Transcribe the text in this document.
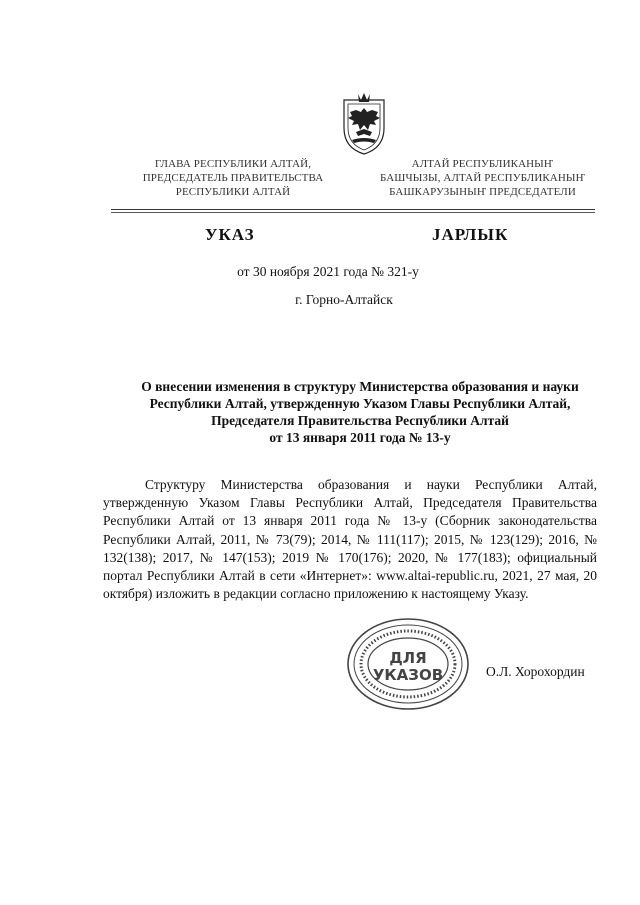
ГЛАВА РЕСПУБЛИКИ АЛТАЙ,
ПРЕДСЕДАТЕЛЬ ПРАВИТЕЛЬСТВА
РЕСПУБЛИКИ АЛТАЙ
АЛТАЙ РЕСПУБЛИКАНЫҤ
БАШЧЫЗЫ, АЛТАЙ РЕСПУБЛИКАНЫҤ
БАШКАРУЗЫНЫҤ ПРЕДСЕДАТЕЛИ
УКАЗ	ЈАРЛЫК
от 30 ноября 2021 года № 321-у
г. Горно-Алтайск
О внесении изменения в структуру Министерства образования и науки
Республики Алтай, утвержденную Указом Главы Республики Алтай,
Председателя Правительства Республики Алтай
от 13 января 2011 года № 13-у
Структуру Министерства образования и науки Республики Алтай, утвержденную Указом Главы Республики Алтай, Председателя Правительства Республики Алтай от 13 января 2011 года № 13-у (Сборник законодательства Республики Алтай, 2011, № 73(79); 2014, № 111(117); 2015, № 123(129); 2016, № 132(138); 2017, № 147(153); 2019 № 170(176); 2020, № 177(183); официальный портал Республики Алтай в сети «Интернет»: www.altai-republic.ru, 2021, 27 мая, 20 октября) изложить в редакции согласно приложению к настоящему Указу.
ДЛЯ
УКАЗОВ	О.Л. Хорохордин
